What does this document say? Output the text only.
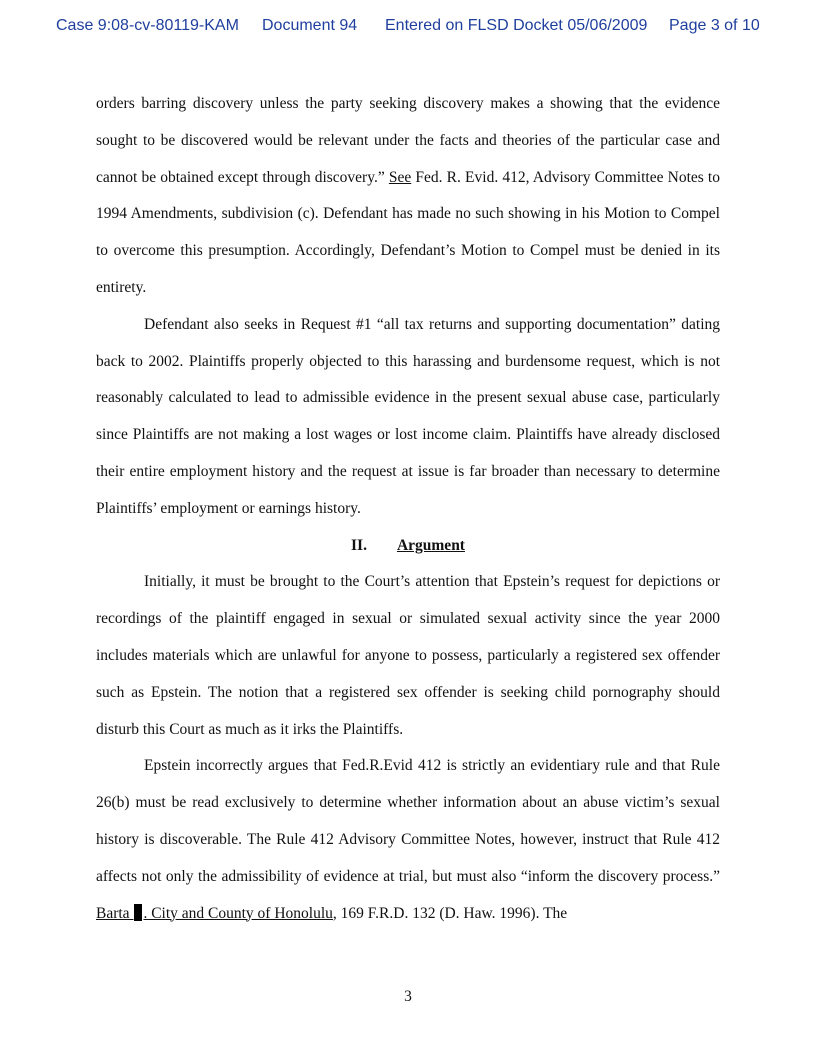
Case 9:08-cv-80119-KAM Document 94 Entered on FLSD Docket 05/06/2009 Page 3 of 10

orders barring discovery unless the party seeking discovery makes a showing that the evidence sought to be discovered would be relevant under the facts and theories of the particular case and cannot be obtained except through discovery.” See Fed. R. Evid. 412, Advisory Committee Notes to 1994 Amendments, subdivision (c). Defendant has made no such showing in his Motion to Compel to overcome this presumption. Accordingly, Defendant’s Motion to Compel must be denied in its entirety.

Defendant also seeks in Request #1 “all tax returns and supporting documentation” dating back to 2002. Plaintiffs properly objected to this harassing and burdensome request, which is not reasonably calculated to lead to admissible evidence in the present sexual abuse case, particularly since Plaintiffs are not making a lost wages or lost income claim. Plaintiffs have already disclosed their entire employment history and the request at issue is far broader than necessary to determine Plaintiffs’ employment or earnings history.

II. Argument

Initially, it must be brought to the Court’s attention that Epstein’s request for depictions or recordings of the plaintiff engaged in sexual or simulated sexual activity since the year 2000 includes materials which are unlawful for anyone to possess, particularly a registered sex offender such as Epstein. The notion that a registered sex offender is seeking child pornography should disturb this Court as much as it irks the Plaintiffs.

Epstein incorrectly argues that Fed.R.Evid 412 is strictly an evidentiary rule and that Rule 26(b) must be read exclusively to determine whether information about an abuse victim’s sexual history is discoverable. The Rule 412 Advisory Committee Notes, however, instruct that Rule 412 affects not only the admissibility of evidence at trial, but must also “inform the discovery process.” Barta . City and County of Honolulu, 169 F.R.D. 132 (D. Haw. 1996). The

3
